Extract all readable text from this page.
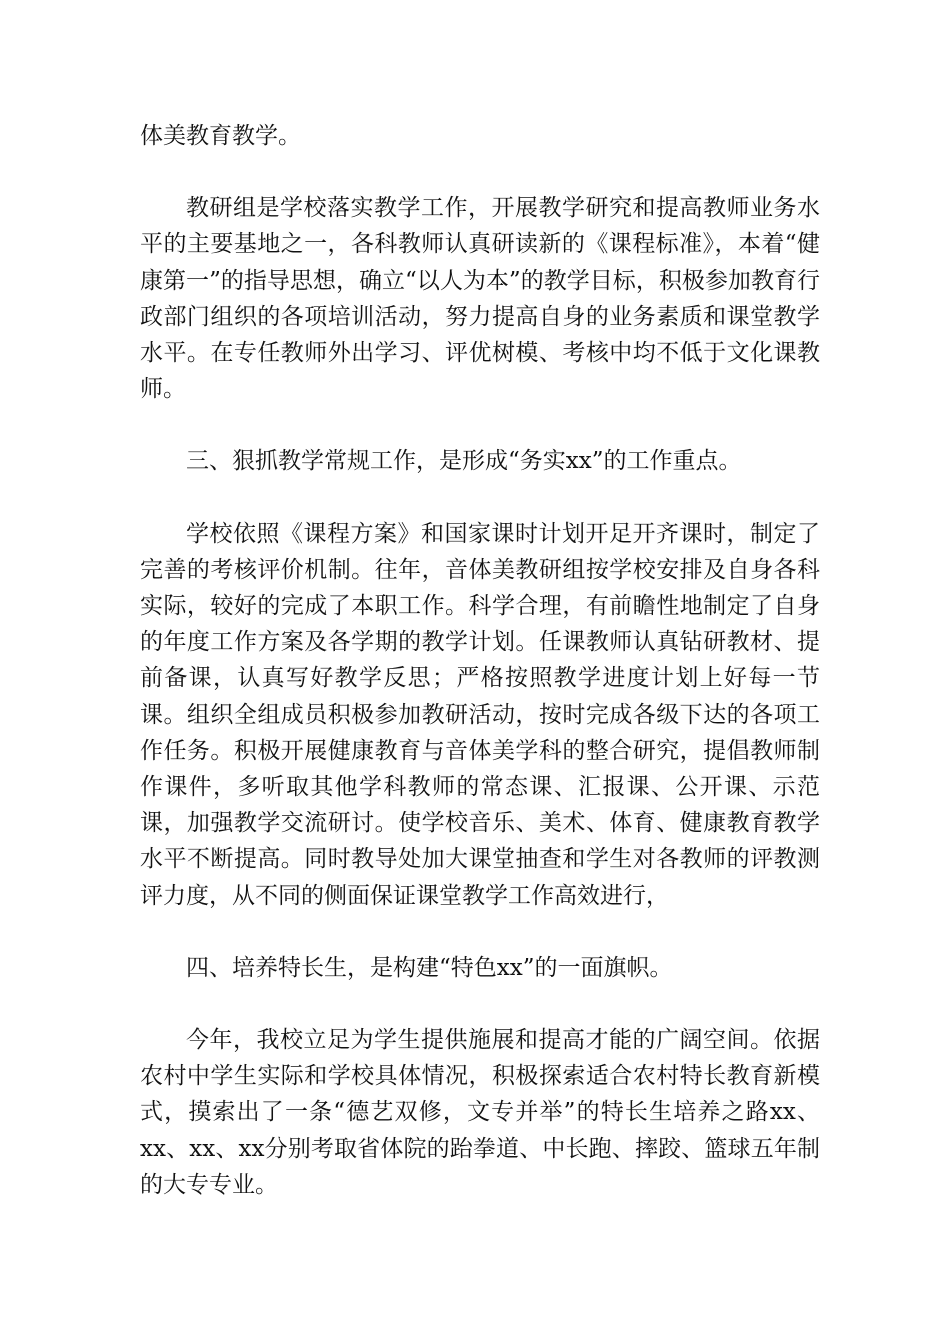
体美教育教学。

教研组是学校落实教学工作，开展教学研究和提高教师业务水平的主要基地之一，各科教师认真研读新的《课程标准》，本着“健康第一”的指导思想，确立“以人为本”的教学目标，积极参加教育行政部门组织的各项培训活动，努力提高自身的业务素质和课堂教学水平。在专任教师外出学习、评优树模、考核中均不低于文化课教师。

三、狠抓教学常规工作，是形成“务实xx”的工作重点。

学校依照《课程方案》和国家课时计划开足开齐课时，制定了完善的考核评价机制。往年，音体美教研组按学校安排及自身各科实际，较好的完成了本职工作。科学合理，有前瞻性地制定了自身的年度工作方案及各学期的教学计划。任课教师认真钻研教材、提前备课，认真写好教学反思；严格按照教学进度计划上好每一节课。组织全组成员积极参加教研活动，按时完成各级下达的各项工作任务。积极开展健康教育与音体美学科的整合研究，提倡教师制作课件，多听取其他学科教师的常态课、汇报课、公开课、示范课，加强教学交流研讨。使学校音乐、美术、体育、健康教育教学水平不断提高。同时教导处加大课堂抽查和学生对各教师的评教测评力度，从不同的侧面保证课堂教学工作高效进行，

四、培养特长生，是构建“特色xx”的一面旗帜。

今年，我校立足为学生提供施展和提高才能的广阔空间。依据农村中学生实际和学校具体情况，积极探索适合农村特长教育新模式，摸索出了一条“德艺双修，文专并举”的特长生培养之路xx、xx、xx、xx分别考取省体院的跆拳道、中长跑、摔跤、篮球五年制的大专专业。
